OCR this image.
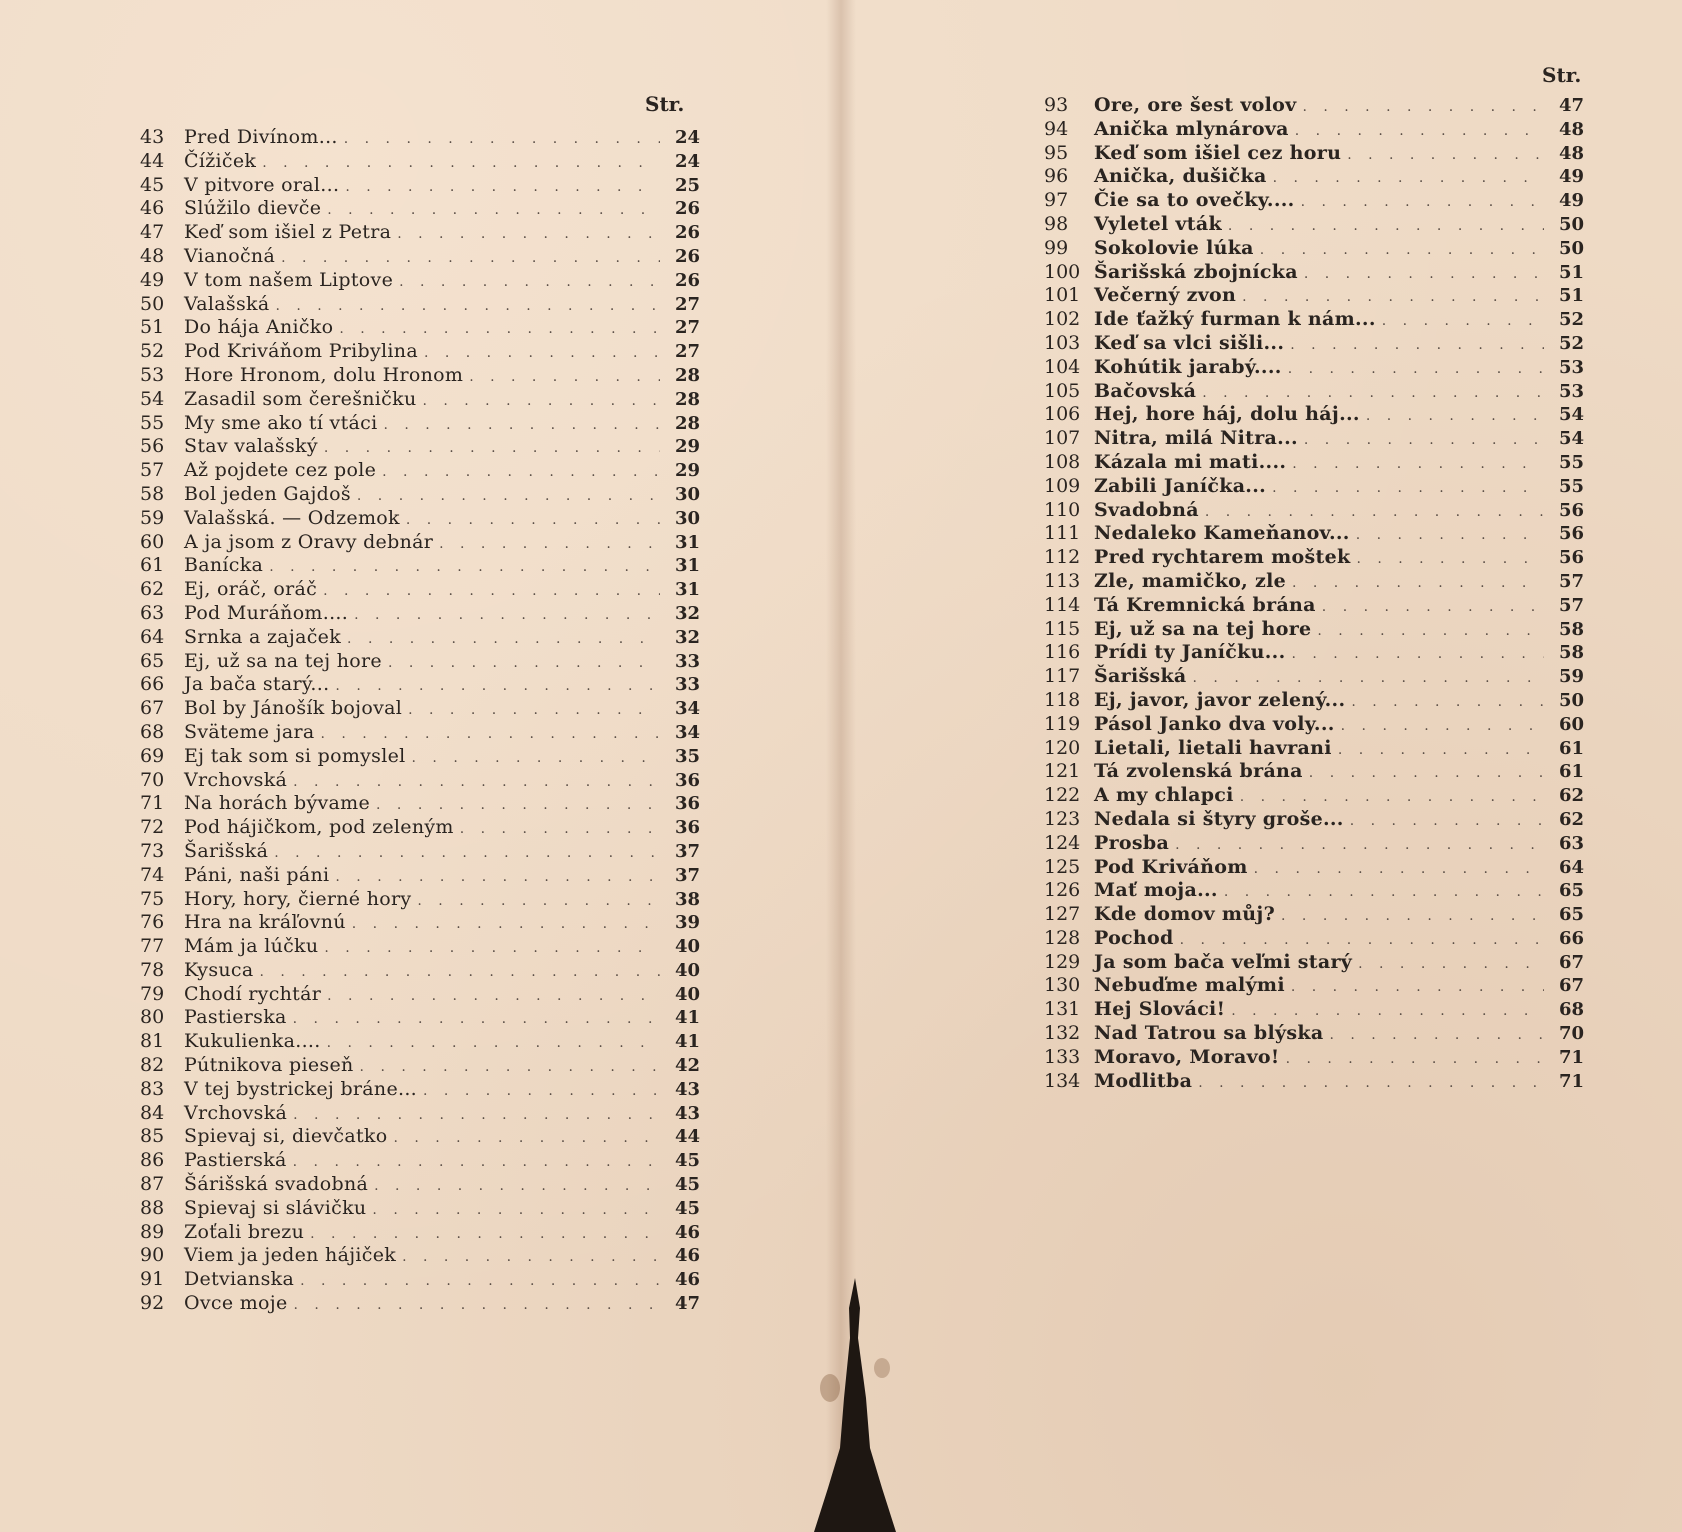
Str.
43	Pred Divínom... . . .	24
44	Čížiček . . .	24
45	V pitvore oral... . . .	25
46	Slúžilo dievče . . .	26
47	Keď som išiel z Petra . . .	26
48	Vianočná . . .	26
49	V tom našem Liptove . . .	26
50	Valašská . . .	27
51	Do hája Aničko . . .	27
52	Pod Kriváňom Pribylina . . .	27
53	Hore Hronom, dolu Hronom . . .	28
54	Zasadil som čerešničku . . .	28
55	My sme ako tí vtáci . . .	28
56	Stav valašský . . .	29
57	Až pojdete cez pole . . .	29
58	Bol jeden Gajdoš . . .	30
59	Valašská. — Odzemok . . .	30
60	A ja jsom z Oravy debnár . . .	31
61	Banícka . . .	31
62	Ej, oráč, oráč . . .	31
63	Pod Muráňom.... . . .	32
64	Srnka a zajaček . . .	32
65	Ej, už sa na tej hore . . .	33
66	Ja bača starý... . . .	33
67	Bol by Jánošík bojoval . . .	34
68	Sväteme jara . . .	34
69	Ej tak som si pomyslel . . .	35
70	Vrchovská . . .	36
71	Na horách bývame . . .	36
72	Pod hájičkom, pod zeleným . . .	36
73	Šarišská . . .	37
74	Páni, naši páni . . .	37
75	Hory, hory, čierné hory . . .	38
76	Hra na kráľovnú . . .	39
77	Mám ja lúčku . . .	40
78	Kysuca . . .	40
79	Chodí rychtár . . .	40
80	Pastierska . . .	41
81	Kukulienka.... . . .	41
82	Pútnikova pieseň . . .	42
83	V tej bystrickej bráne... . . .	43
84	Vrchovská . . .	43
85	Spievaj si, dievčatko . . .	44
86	Pastierská . . .	45
87	Šárišská svadobná . . .	45
88	Spievaj si slávičku . . .	45
89	Zoťali brezu . . .	46
90	Viem ja jeden hájiček . . .	46
91	Detvianska . . .	46
92	Ovce moje . . .	47
Str.
93	Ore, ore šest volov . . .	47
94	Anička mlynárova . . .	48
95	Keď som išiel cez horu . . .	48
96	Anička, dušička . . .	49
97	Čie sa to ovečky.... . . .	49
98	Vyletel vták . . .	50
99	Sokolovie lúka . . .	50
100 Šarišská zbojnícka . . .	51
101 Večerný zvon . . .	51
102 Ide ťažký furman k nám... . . .	52
103 Keď sa vlci sišli... . . .	52
104 Kohútik jarabý.... . . .	53
105 Bačovská . . .	53
106 Hej, hore háj, dolu háj... . . .	54
107 Nitra, milá Nitra... . . .	54
108 Kázala mi mati.... . . .	55
109 Zabili Janíčka... . . .	55
110 Svadobná . . .	56
111 Nedaleko Kameňanov... . . .	56
112 Pred rychtarem moštek . . .	56
113 Zle, mamičko, zle . . .	57
114 Tá Kremnická brána . . .	57
115 Ej, už sa na tej hore . . .	58
116 Prídi ty Janíčku... . . .	58
117 Šarišská . . .	59
118 Ej, javor, javor zelený... . . .	50
119 Pásol Janko dva voly... . . .	60
120 Lietali, lietali havrani . . .	61
121 Tá zvolenská brána . . .	61
122 A my chlapci . . .	62
123 Nedala si štyry groše... . . .	62
124 Prosba . . .	63
125 Pod Kriváňom . . .	64
126 Mať moja... . . .	65
127 Kde domov můj? . . .	65
128 Pochod . . .	66
129 Ja som bača veľmi starý . . .	67
130 Nebuďme malými . . .	67
131 Hej Slováci! . . .	68
132 Nad Tatrou sa blýska . . .	70
133 Moravo, Moravo! . . .	71
134 Modlitba . . .	71
